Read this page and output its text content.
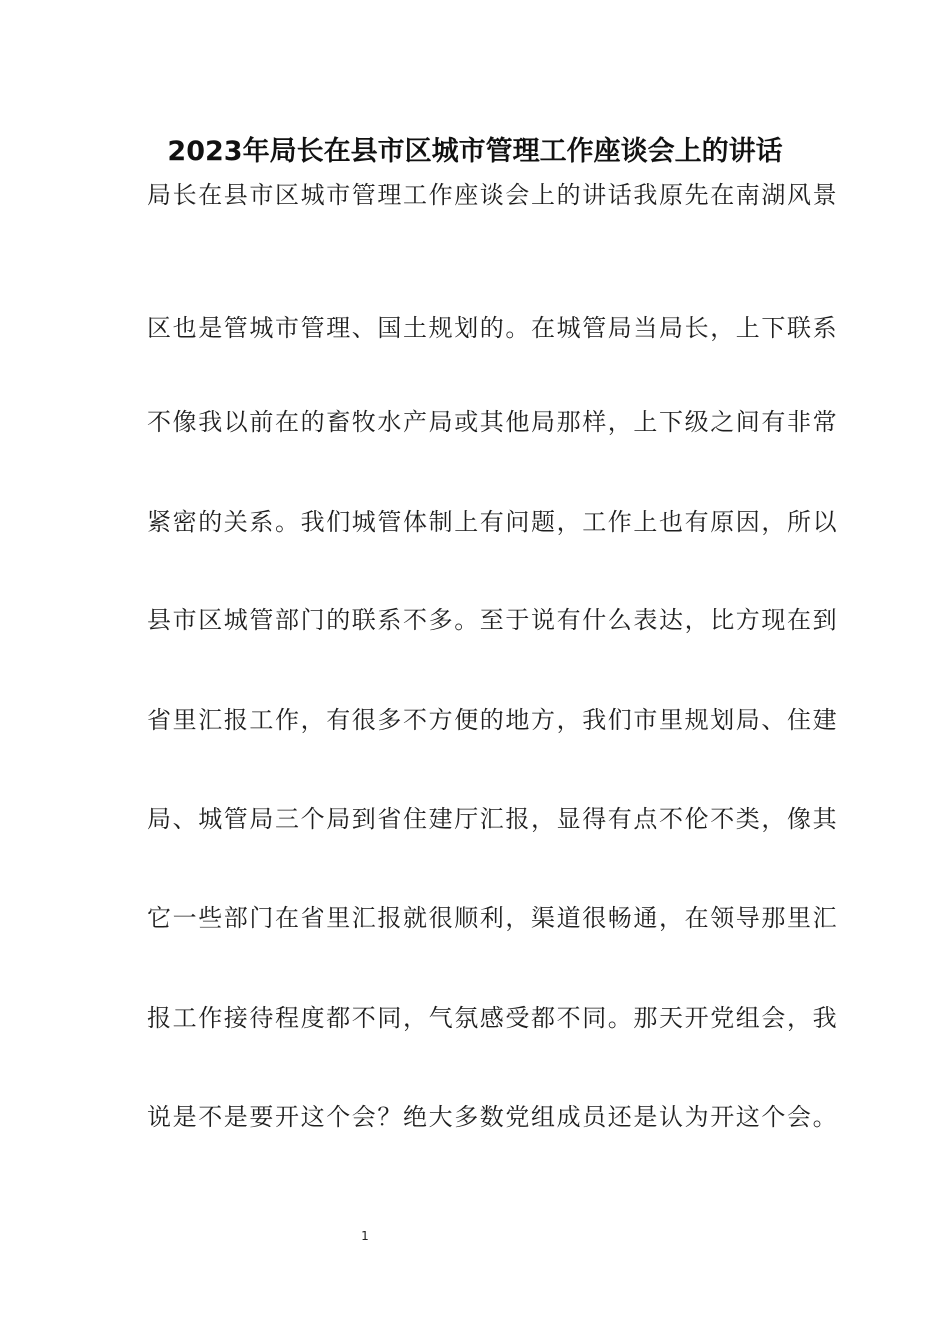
2023年局长在县市区城市管理工作座谈会上的讲话
局长在县市区城市管理工作座谈会上的讲话我原先在南湖风景
区也是管城市管理、国土规划的。在城管局当局长，上下联系
不像我以前在的畜牧水产局或其他局那样，上下级之间有非常
紧密的关系。我们城管体制上有问题，工作上也有原因，所以
县市区城管部门的联系不多。至于说有什么表达，比方现在到
省里汇报工作，有很多不方便的地方，我们市里规划局、住建
局、城管局三个局到省住建厅汇报，显得有点不伦不类，像其
它一些部门在省里汇报就很顺利，渠道很畅通，在领导那里汇
报工作接待程度都不同，气氛感受都不同。那天开党组会，我
说是不是要开这个会？绝大多数党组成员还是认为开这个会。
1
